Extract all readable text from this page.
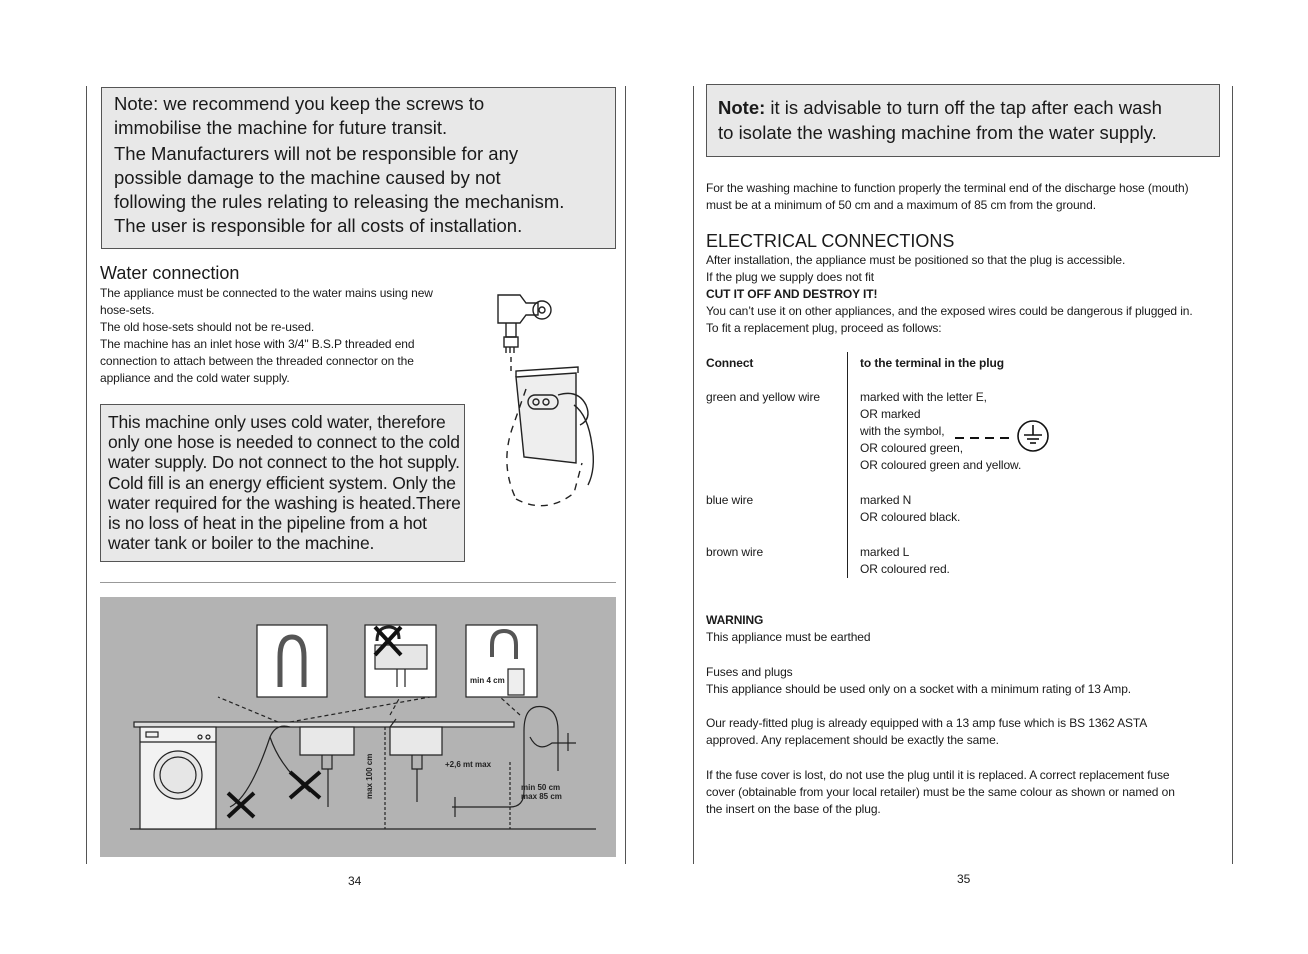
Note: we recommend you keep the screws to
immobilise the machine for future transit.
The Manufacturers will not be responsible for any
possible damage to the machine caused by not
following the rules relating to releasing the mechanism.
The user is responsible for all costs of installation.
Water connection
The appliance must be connected to the water mains using new
hose-sets.
The old hose-sets should not be re-used.
The machine has an inlet hose with 3/4" B.S.P threaded end
connection to attach between the threaded connector on the
appliance and the cold water supply.
This machine only uses cold water, therefore
only one hose is needed to connect to the cold
water supply. Do not connect to the hot supply.
Cold fill is an energy efficient system. Only the
water required for the washing is heated.There
is no loss of heat in the pipeline from a hot
water tank or boiler to the machine.
min 4 cm
max 100 cm	+2,6 mt max
min 50 cm
max 85 cm
34
Note: it is advisable to turn off the tap after each wash
to isolate the washing machine from the water supply.
For the washing machine to function properly the terminal end of the discharge hose (mouth)
must be at a minimum of 50 cm and a maximum of 85 cm from the ground.
ELECTRICAL CONNECTIONS
After installation, the appliance must be positioned so that the plug is accessible.
If the plug we supply does not fit
CUT IT OFF AND DESTROY IT!
You can’t use it on other appliances, and the exposed wires could be dangerous if plugged in.
To fit a replacement plug, proceed as follows:
Connect	to the terminal in the plug
green and yellow wire	marked with the letter E,
OR marked
with the symbol,
OR coloured green,
OR coloured green and yellow.
blue wire	marked N
OR coloured black.
brown wire	marked L
OR coloured red.
WARNING
This appliance must be earthed
Fuses and plugs
This appliance should be used only on a socket with a minimum rating of 13 Amp.
Our ready-fitted plug is already equipped with a 13 amp fuse which is BS 1362 ASTA
approved. Any replacement should be exactly the same.
If the fuse cover is lost, do not use the plug until it is replaced. A correct replacement fuse
cover (obtainable from your local retailer) must be the same colour as shown or named on
the insert on the base of the plug.
35
